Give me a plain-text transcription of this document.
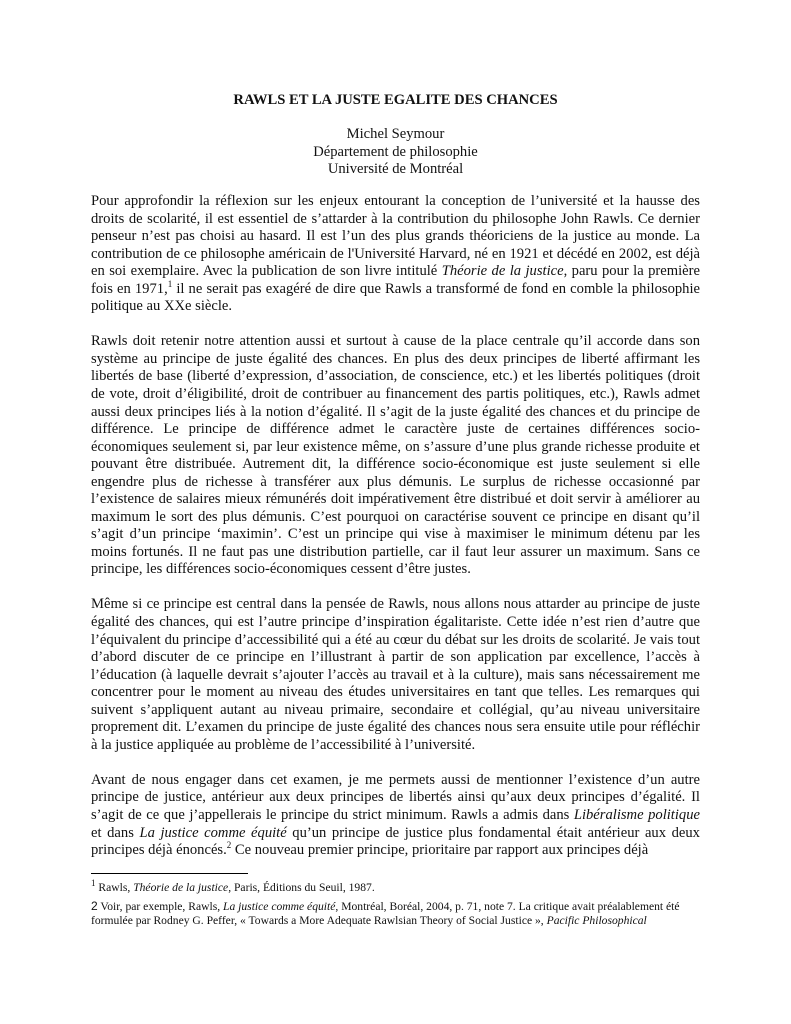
RAWLS ET LA JUSTE EGALITE DES CHANCES
Michel Seymour
Département de philosophie
Université de Montréal

Pour approfondir la réflexion sur les enjeux entourant la conception de l’université et la hausse des droits de scolarité, il est essentiel de s’attarder à la contribution du philosophe John Rawls. Ce dernier penseur n’est pas choisi au hasard. Il est l’un des plus grands théoriciens de la justice au monde. La contribution de ce philosophe américain de l'Université Harvard, né en 1921 et décédé en 2002, est déjà en soi exemplaire. Avec la publication de son livre intitulé Théorie de la justice, paru pour la première fois en 1971,$^1$ il ne serait pas exagéré de dire que Rawls a transformé de fond en comble la philosophie politique au XXe siècle.

Rawls doit retenir notre attention aussi et surtout à cause de la place centrale qu’il accorde dans son système au principe de juste égalité des chances. En plus des deux principes de liberté affirmant les libertés de base (liberté d’expression, d’association, de conscience, etc.) et les libertés politiques (droit de vote, droit d’éligibilité, droit de contribuer au financement des partis politiques, etc.), Rawls admet aussi deux principes liés à la notion d’égalité. Il s’agit de la juste égalité des chances et du principe de différence. Le principe de différence admet le caractère juste de certaines différences socio-économiques seulement si, par leur existence même, on s’assure d’une plus grande richesse produite et pouvant être distribuée. Autrement dit, la différence socio-économique est juste seulement si elle engendre plus de richesse à transférer aux plus démunis. Le surplus de richesse occasionné par l’existence de salaires mieux rémunérés doit impérativement être distribué et doit servir à améliorer au maximum le sort des plus démunis. C’est pourquoi on caractérise souvent ce principe en disant qu’il s’agit d’un principe ‘maximin’. C’est un principe qui vise à maximiser le minimum détenu par les moins fortunés. Il ne faut pas une distribution partielle, car il faut leur assurer un maximum. Sans ce principe, les différences socio-économiques cessent d’être justes.

Même si ce principe est central dans la pensée de Rawls, nous allons nous attarder au principe de juste égalité des chances, qui est l’autre principe d’inspiration égalitariste. Cette idée n’est rien d’autre que l’équivalent du principe d’accessibilité qui a été au cœur du débat sur les droits de scolarité. Je vais tout d’abord discuter de ce principe en l’illustrant à partir de son application par excellence, l’accès à l’éducation (à laquelle devrait s’ajouter l’accès au travail et à la culture), mais sans nécessairement me concentrer pour le moment au niveau des études universitaires en tant que telles. Les remarques qui suivent s’appliquent autant au niveau primaire, secondaire et collégial, qu’au niveau universitaire proprement dit. L’examen du principe de juste égalité des chances nous sera ensuite utile pour réfléchir à la justice appliquée au problème de l’accessibilité à l’université.

Avant de nous engager dans cet examen, je me permets aussi de mentionner l’existence d’un autre principe de justice, antérieur aux deux principes de libertés ainsi qu’aux deux principes d’égalité. Il s’agit de ce que j’appellerais le principe du strict minimum. Rawls a admis dans Libéralisme politique et dans La justice comme équité qu’un principe de justice plus fondamental était antérieur aux deux principes déjà énoncés.$^2$ Ce nouveau premier principe, prioritaire par rapport aux principes déjà

$^1$ Rawls, Théorie de la justice, Paris, Éditions du Seuil, 1987.
2 Voir, par exemple, Rawls, La justice comme équité, Montréal, Boréal, 2004, p. 71, note 7. La critique avait préalablement été formulée par Rodney G. Peffer, « Towards a More Adequate Rawlsian Theory of Social Justice », Pacific Philosophical
